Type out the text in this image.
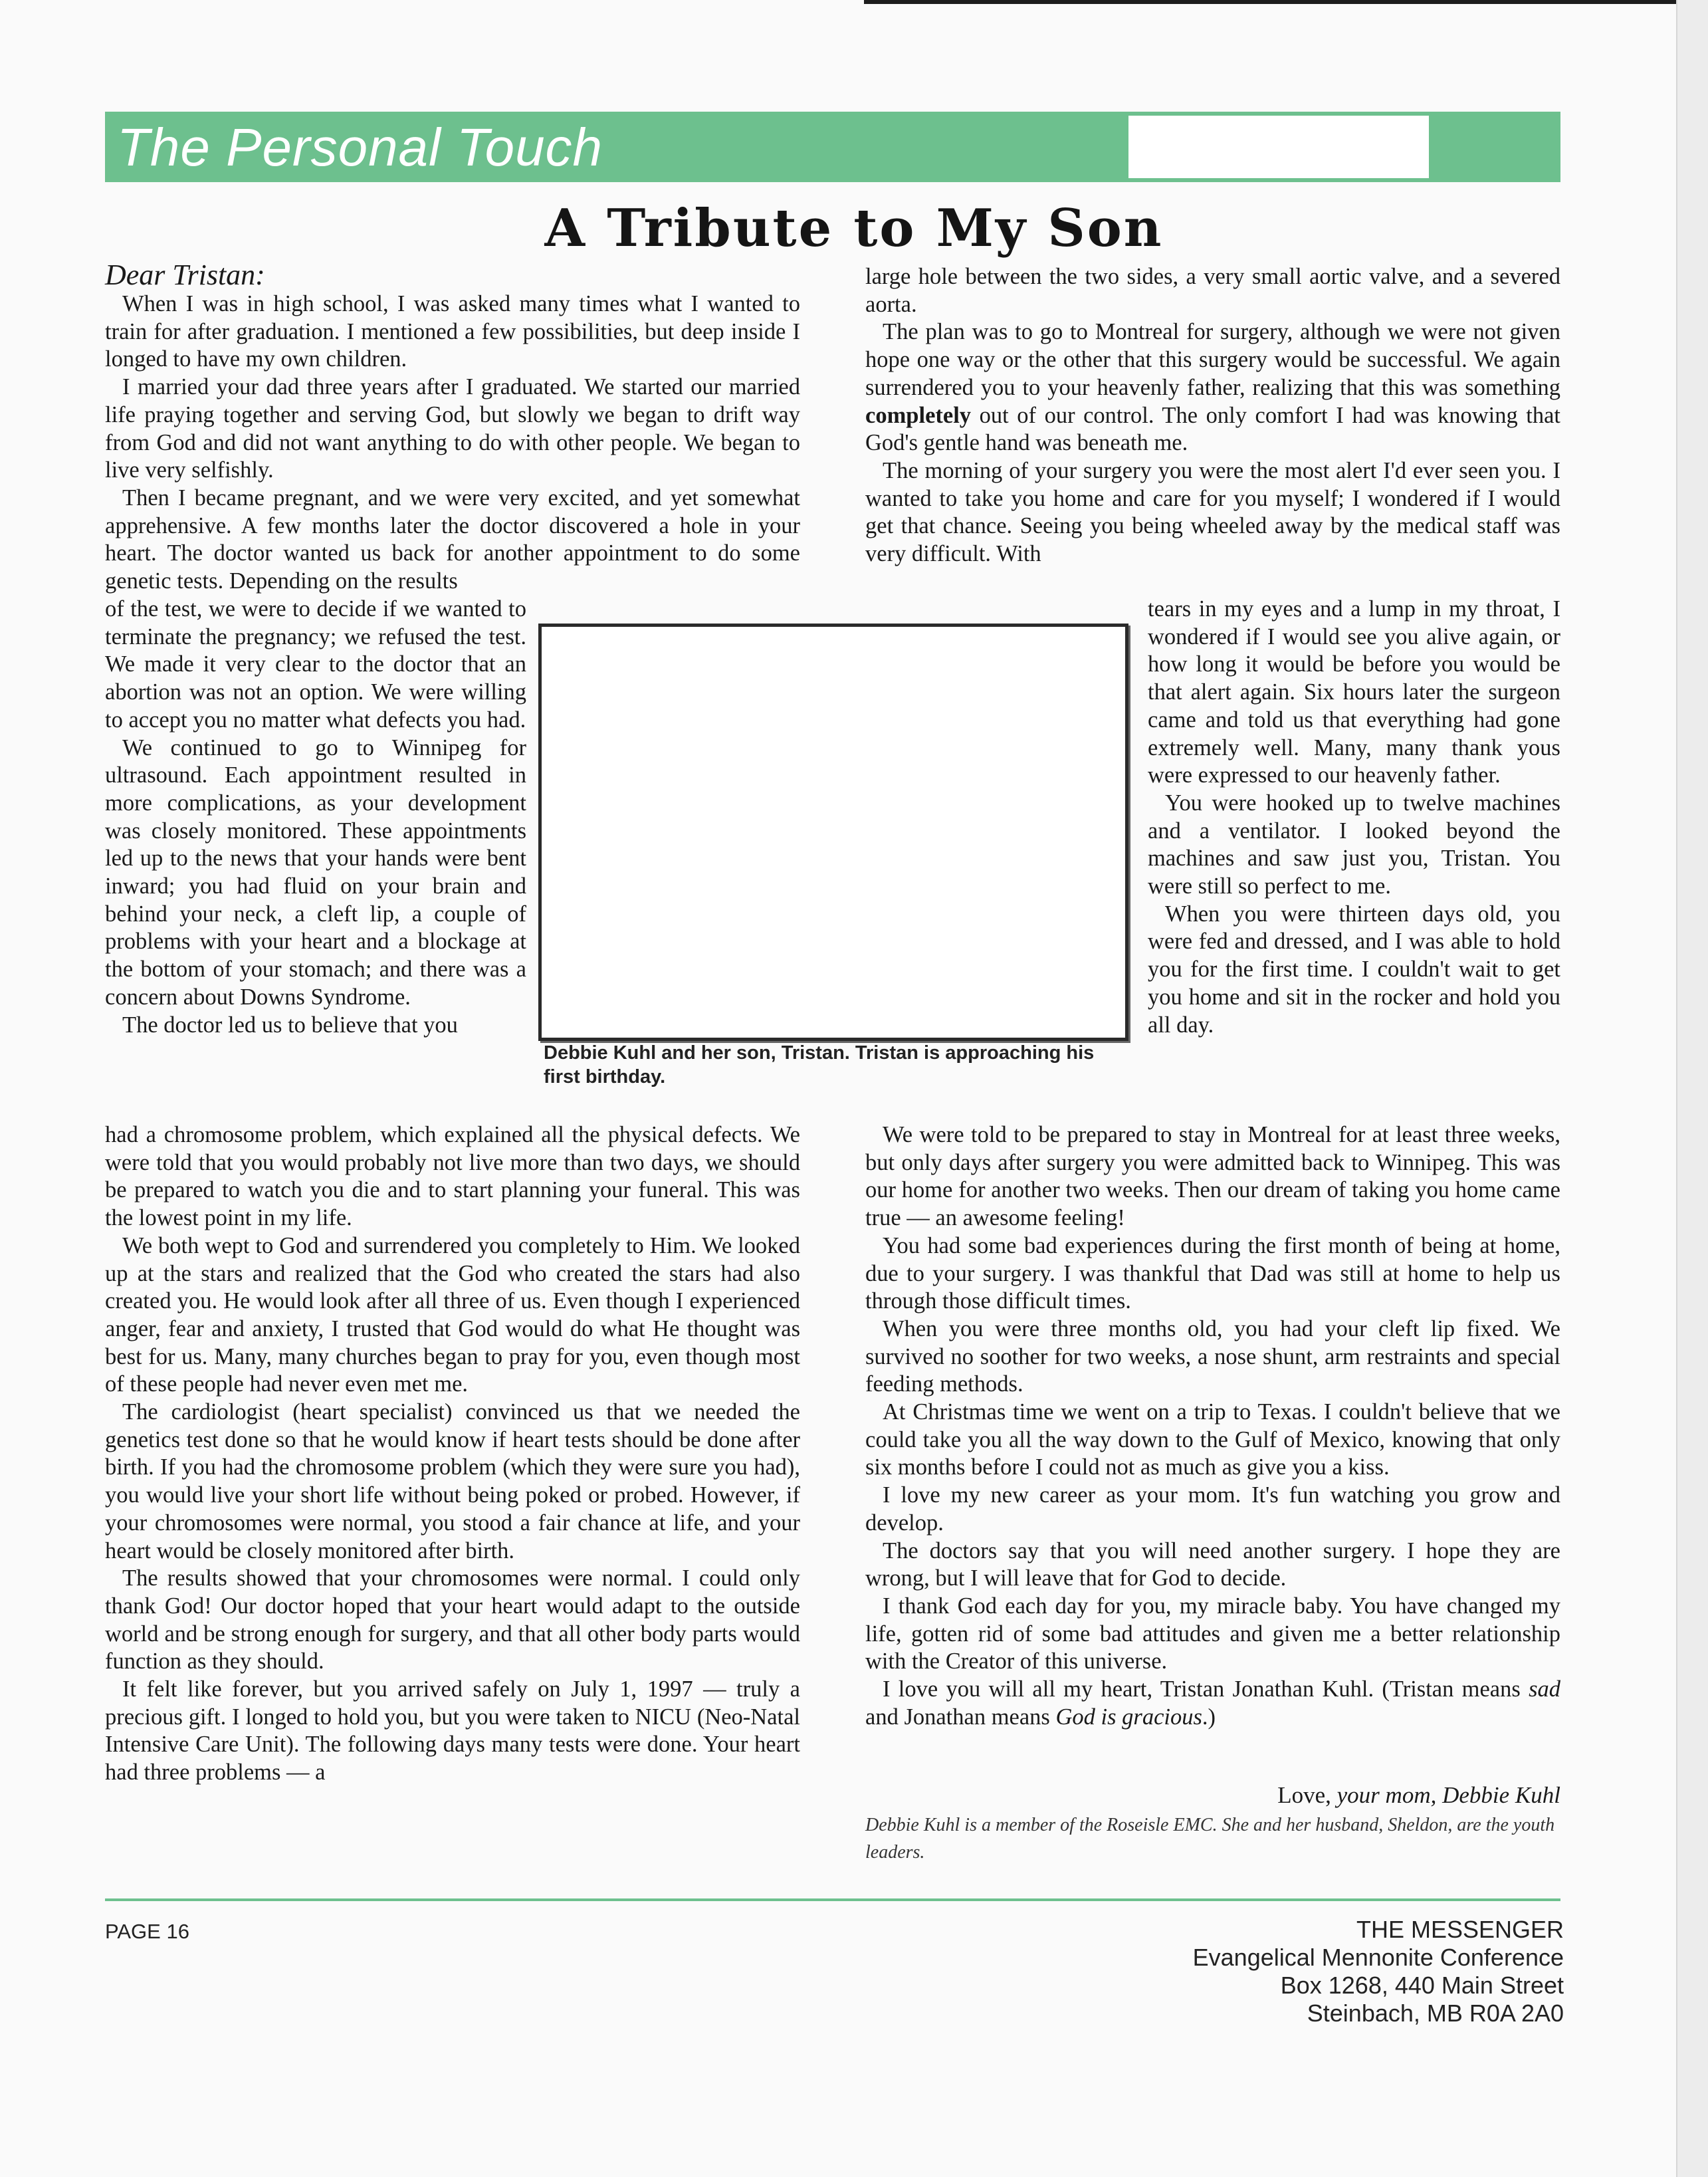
The Personal Touch
A Tribute to My Son
Dear Tristan:

When I was in high school, I was asked many times what I wanted to train for after graduation. I mentioned a few possibilities, but deep inside I longed to have my own children.

I married your dad three years after I graduated. We started our married life praying together and serving God, but slowly we began to drift way from God and did not want anything to do with other people. We began to live very selfishly.

Then I became pregnant, and we were very excited, and yet somewhat apprehensive. A few months later the doctor discovered a hole in your heart. The doctor wanted us back for another appointment to do some genetic tests. Depending on the results

of the test, we were to decide if we wanted to terminate the pregnancy; we refused the test. We made it very clear to the doctor that an abortion was not an option. We were willing to accept you no matter what defects you had.

We continued to go to Winnipeg for ultrasound. Each appointment resulted in more complications, as your development was closely monitored. These appointments led up to the news that your hands were bent inward; you had fluid on your brain and behind your neck, a cleft lip, a couple of problems with your heart and a blockage at the bottom of your stomach; and there was a concern about Downs Syndrome.

The doctor led us to believe that you

had a chromosome problem, which explained all the physical defects. We were told that you would probably not live more than two days, we should be prepared to watch you die and to start planning your funeral. This was the lowest point in my life.

We both wept to God and surrendered you completely to Him. We looked up at the stars and realized that the God who created the stars had also created you. He would look after all three of us. Even though I experienced anger, fear and anxiety, I trusted that God would do what He thought was best for us. Many, many churches began to pray for you, even though most of these people had never even met me.

The cardiologist (heart specialist) convinced us that we needed the genetics test done so that he would know if heart tests should be done after birth. If you had the chromosome problem (which they were sure you had), you would live your short life without being poked or probed. However, if your chromosomes were normal, you stood a fair chance at life, and your heart would be closely monitored after birth.

The results showed that your chromosomes were normal. I could only thank God! Our doctor hoped that your heart would adapt to the outside world and be strong enough for surgery, and that all other body parts would function as they should.

It felt like forever, but you arrived safely on July 1, 1997 — truly a precious gift. I longed to hold you, but you were taken to NICU (Neo-Natal Intensive Care Unit). The following days many tests were done. Your heart had three problems — a

Debbie Kuhl and her son, Tristan. Tristan is approaching his first birthday.

large hole between the two sides, a very small aortic valve, and a severed aorta.

The plan was to go to Montreal for surgery, although we were not given hope one way or the other that this surgery would be successful. We again surrendered you to your heavenly father, realizing that this was something completely out of our control. The only comfort I had was knowing that God's gentle hand was beneath me.

The morning of your surgery you were the most alert I'd ever seen you. I wanted to take you home and care for you myself; I wondered if I would get that chance. Seeing you being wheeled away by the medical staff was very difficult. With

tears in my eyes and a lump in my throat, I wondered if I would see you alive again, or how long it would be before you would be that alert again. Six hours later the surgeon came and told us that everything had gone extremely well. Many, many thank yous were expressed to our heavenly father.

You were hooked up to twelve machines and a ventilator. I looked beyond the machines and saw just you, Tristan. You were still so perfect to me.

When you were thirteen days old, you were fed and dressed, and I was able to hold you for the first time. I couldn't wait to get you home and sit in the rocker and hold you all day.

We were told to be prepared to stay in Montreal for at least three weeks, but only days after surgery you were admitted back to Winnipeg. This was our home for another two weeks. Then our dream of taking you home came true — an awesome feeling!

You had some bad experiences during the first month of being at home, due to your surgery. I was thankful that Dad was still at home to help us through those difficult times.

When you were three months old, you had your cleft lip fixed. We survived no soother for two weeks, a nose shunt, arm restraints and special feeding methods.

At Christmas time we went on a trip to Texas. I couldn't believe that we could take you all the way down to the Gulf of Mexico, knowing that only six months before I could not as much as give you a kiss.

I love my new career as your mom. It's fun watching you grow and develop.

The doctors say that you will need another surgery. I hope they are wrong, but I will leave that for God to decide.

I thank God each day for you, my miracle baby. You have changed my life, gotten rid of some bad attitudes and given me a better relationship with the Creator of this universe.

I love you will all my heart, Tristan Jonathan Kuhl. (Tristan means sad and Jonathan means God is gracious.)

Love, your mom, Debbie Kuhl
Debbie Kuhl is a member of the Roseisle EMC. She and her husband, Sheldon, are the youth leaders.
PAGE 16	THE MESSENGER
Evangelical Mennonite Conference
Box 1268, 440 Main Street
Steinbach, MB R0A 2A0
